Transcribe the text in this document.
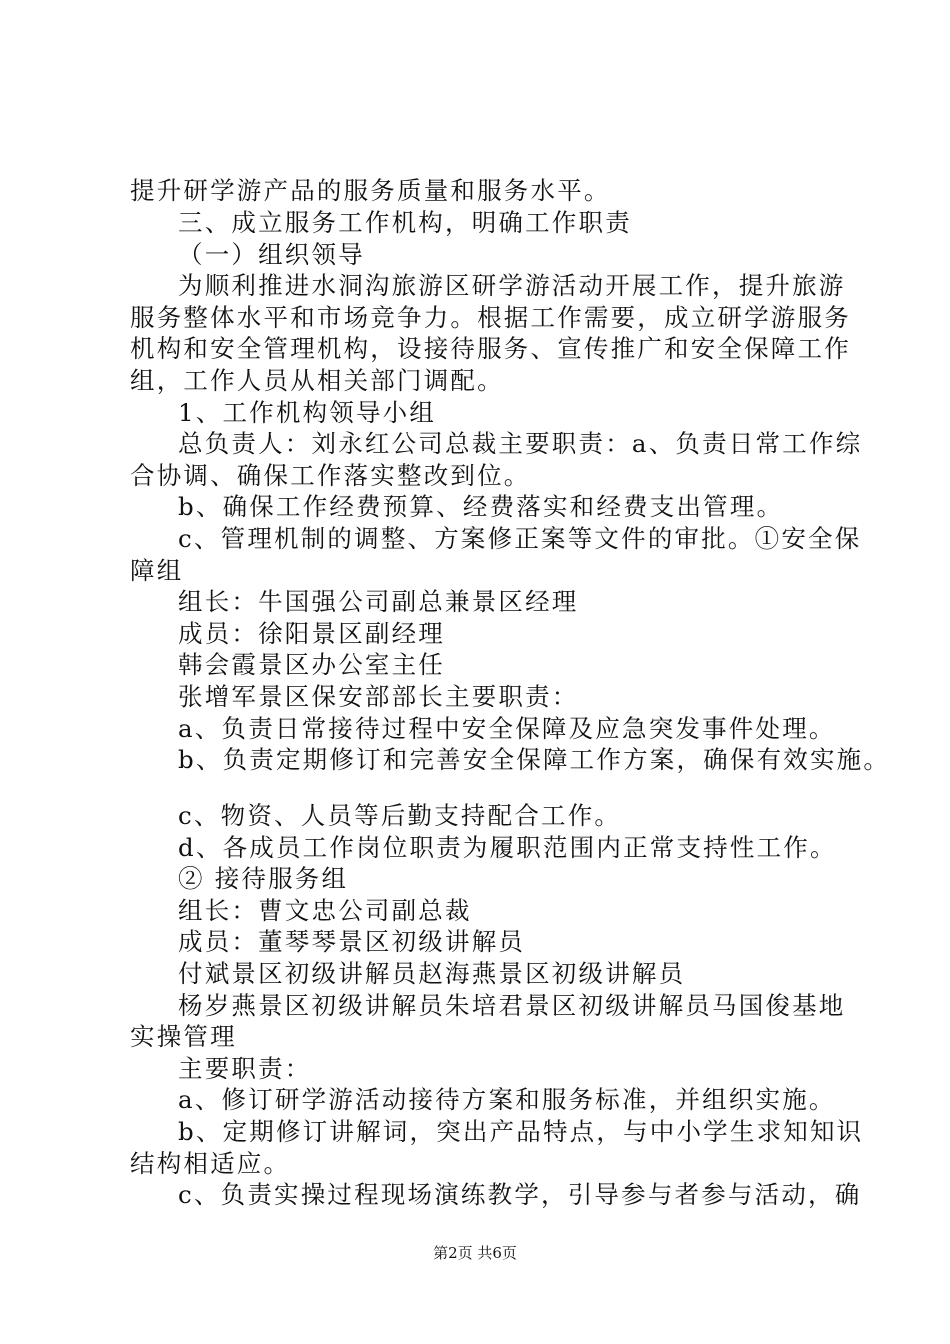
提升研学游产品的服务质量和服务水平。
三、成立服务工作机构，明确工作职责
（一）组织领导
为顺利推进水洞沟旅游区研学游活动开展工作，提升旅游
服务整体水平和市场竞争力。根据工作需要，成立研学游服务
机构和安全管理机构，设接待服务、宣传推广和安全保障工作
组，工作人员从相关部门调配。
1、工作机构领导小组
总负责人：刘永红公司总裁主要职责：a、负责日常工作综
合协调、确保工作落实整改到位。
b、确保工作经费预算、经费落实和经费支出管理。
c、管理机制的调整、方案修正案等文件的审批。①安全保
障组
组长：牛国强公司副总兼景区经理
成员：徐阳景区副经理
韩会霞景区办公室主任
张增军景区保安部部长主要职责：
a、负责日常接待过程中安全保障及应急突发事件处理。
b、负责定期修订和完善安全保障工作方案，确保有效实施。
c、物资、人员等后勤支持配合工作。
d、各成员工作岗位职责为履职范围内正常支持性工作。
② 接待服务组
组长：曹文忠公司副总裁
成员：董琴琴景区初级讲解员
付斌景区初级讲解员赵海燕景区初级讲解员
杨岁燕景区初级讲解员朱培君景区初级讲解员马国俊基地
实操管理
主要职责：
a、修订研学游活动接待方案和服务标准，并组织实施。
b、定期修订讲解词，突出产品特点，与中小学生求知知识
结构相适应。
c、负责实操过程现场演练教学，引导参与者参与活动，确
第2页 共6页
